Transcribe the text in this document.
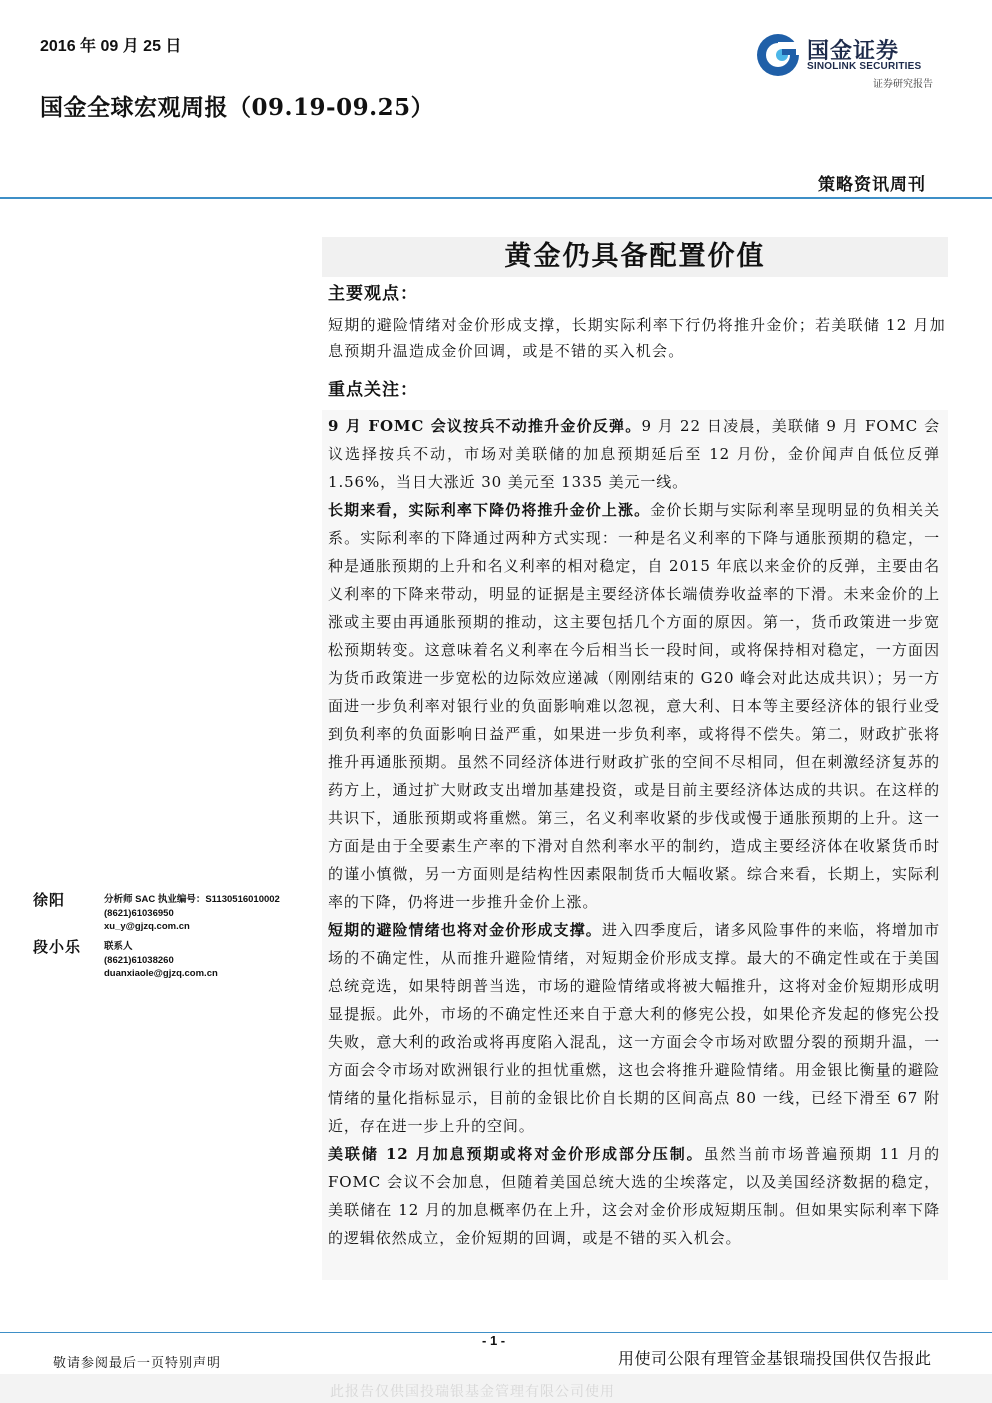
2016 年 09 月 25 日
国金全球宏观周报（09.19-09.25）
国金证券
SINOLINK SECURITIES
证券研究报告
策略资讯周刊
黄金仍具备配置价值
主要观点：
短期的避险情绪对金价形成支撑，长期实际利率下行仍将推升金价；若美联储 12 月加息预期升温造成金价回调，或是不错的买入机会。
重点关注：

9 月 FOMC 会议按兵不动推升金价反弹。9 月 22 日凌晨，美联储 9 月 FOMC 会议选择按兵不动，市场对美联储的加息预期延后至 12 月份，金价闻声自低位反弹 1.56%，当日大涨近 30 美元至 1335 美元一线。

长期来看，实际利率下降仍将推升金价上涨。金价长期与实际利率呈现明显的负相关关系。实际利率的下降通过两种方式实现：一种是名义利率的下降与通胀预期的稳定，一种是通胀预期的上升和名义利率的相对稳定，自 2015 年底以来金价的反弹，主要由名义利率的下降来带动，明显的证据是主要经济体长端债券收益率的下滑。未来金价的上涨或主要由再通胀预期的推动，这主要包括几个方面的原因。第一，货币政策进一步宽松预期转变。这意味着名义利率在今后相当长一段时间，或将保持相对稳定，一方面因为货币政策进一步宽松的边际效应递减（刚刚结束的 G20 峰会对此达成共识）；另一方面进一步负利率对银行业的负面影响难以忽视，意大利、日本等主要经济体的银行业受到负利率的负面影响日益严重，如果进一步负利率，或将得不偿失。第二，财政扩张将推升再通胀预期。虽然不同经济体进行财政扩张的空间不尽相同，但在刺激经济复苏的药方上，通过扩大财政支出增加基建投资，或是目前主要经济体达成的共识。在这样的共识下，通胀预期或将重燃。第三，名义利率收紧的步伐或慢于通胀预期的上升。这一方面是由于全要素生产率的下滑对自然利率水平的制约，造成主要经济体在收紧货币时的谨小慎微，另一方面则是结构性因素限制货币大幅收紧。综合来看，长期上，实际利率的下降，仍将进一步推升金价上涨。

短期的避险情绪也将对金价形成支撑。进入四季度后，诸多风险事件的来临，将增加市场的不确定性，从而推升避险情绪，对短期金价形成支撑。最大的不确定性或在于美国总统竞选，如果特朗普当选，市场的避险情绪或将被大幅推升，这将对金价短期形成明显提振。此外，市场的不确定性还来自于意大利的修宪公投，如果伦齐发起的修宪公投失败，意大利的政治或将再度陷入混乱，这一方面会令市场对欧盟分裂的预期升温，一方面会令市场对欧洲银行业的担忧重燃，这也会将推升避险情绪。用金银比衡量的避险情绪的量化指标显示，目前的金银比价自长期的区间高点 80 一线，已经下滑至 67 附近，存在进一步上升的空间。

美联储 12 月加息预期或将对金价形成部分压制。虽然当前市场普遍预期 11 月的 FOMC 会议不会加息，但随着美国总统大选的尘埃落定，以及美国经济数据的稳定，美联储在 12 月的加息概率仍在上升，这会对金价形成短期压制。但如果实际利率下降的逻辑依然成立，金价短期的回调，或是不错的买入机会。

徐阳	分析师 SAC 执业编号：S1130516010002
(8621)61036950
xu_y@gjzq.com.cn
段小乐 联系人
(8621)61038260
duanxiaole@gjzq.com.cn
- 1 -
敬请参阅最后一页特别声明	用使司公限有理管金基银瑞投国供仅告报此
此报告仅供国投瑞银基金管理有限公司使用
